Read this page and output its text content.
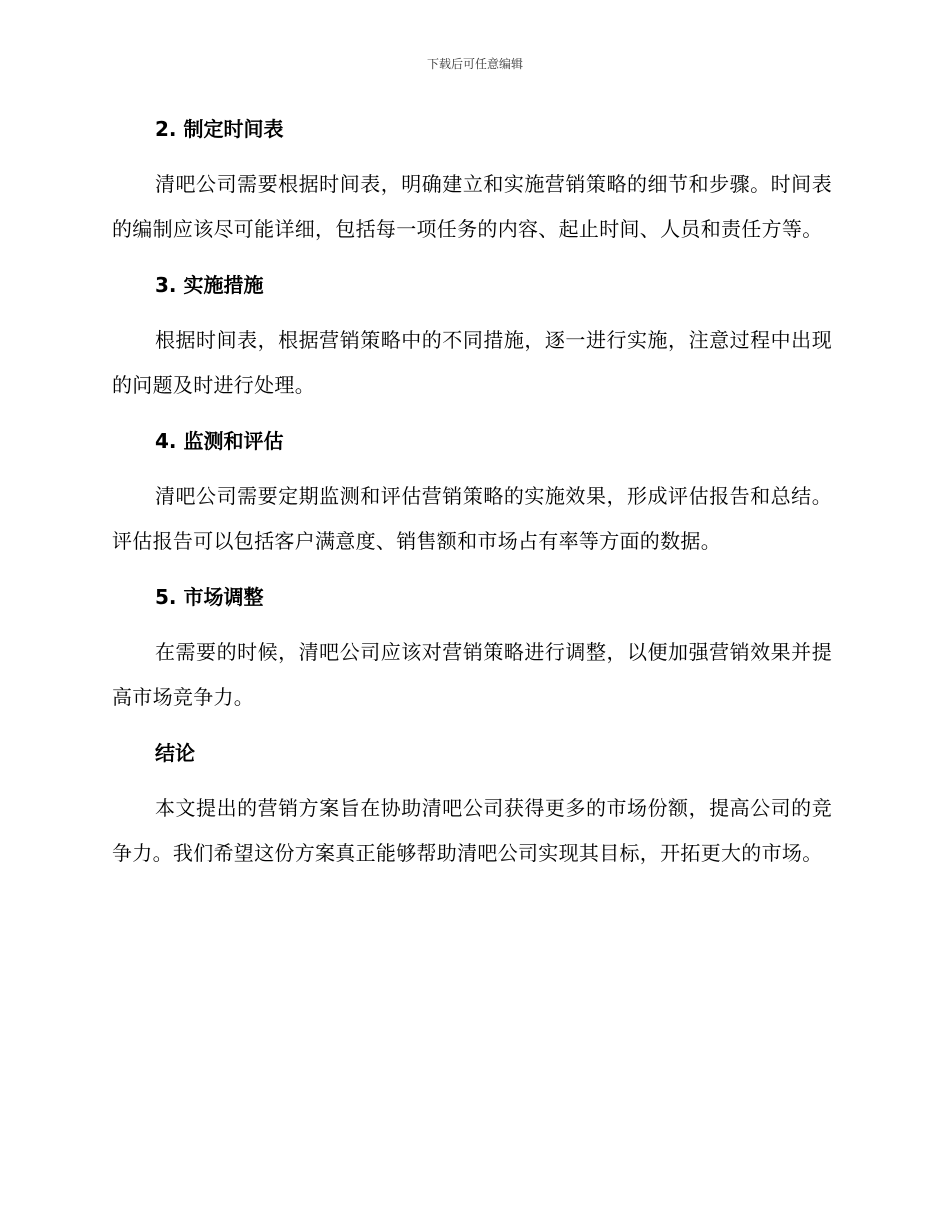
下载后可任意编辑
2. 制定时间表

清吧公司需要根据时间表，明确建立和实施营销策略的细节和步骤。时间表的编制应该尽可能详细，包括每一项任务的内容、起止时间、人员和责任方等。

3. 实施措施

根据时间表，根据营销策略中的不同措施，逐一进行实施，注意过程中出现的问题及时进行处理。

4. 监测和评估

清吧公司需要定期监测和评估营销策略的实施效果，形成评估报告和总结。评估报告可以包括客户满意度、销售额和市场占有率等方面的数据。

5. 市场调整

在需要的时候，清吧公司应该对营销策略进行调整，以便加强营销效果并提高市场竞争力。

结论

本文提出的营销方案旨在协助清吧公司获得更多的市场份额，提高公司的竞争力。我们希望这份方案真正能够帮助清吧公司实现其目标，开拓更大的市场。
